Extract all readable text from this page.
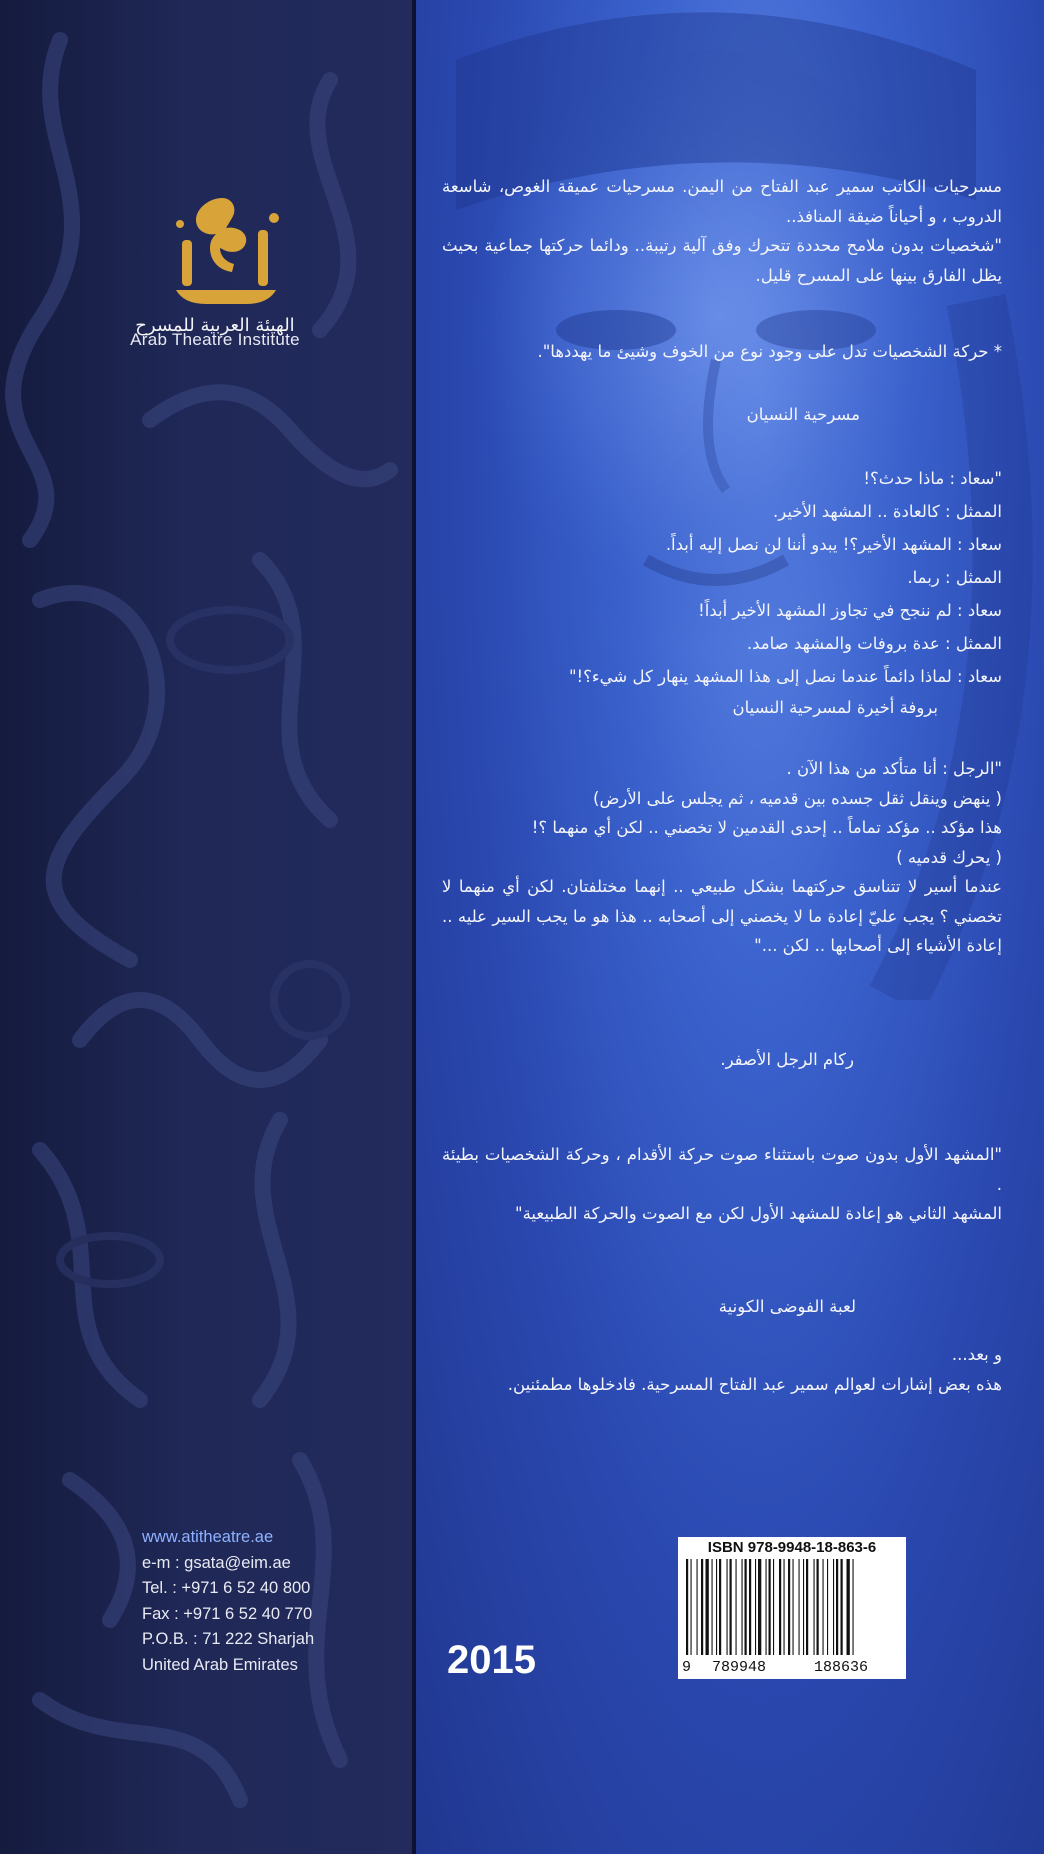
الهيئة العربية للمسرح
Arab Theatre Institute
www.atitheatre.ae
e-m : gsata@eim.ae
Tel. : +971 6 52 40 800
Fax : +971 6 52 40 770
P.O.B. : 71 222 Sharjah
United Arab Emirates

مسرحيات الكاتب سمير عبد الفتاح من اليمن. مسرحيات عميقة الغوص، شاسعة الدروب ، و أحياناً ضيقة المنافذ..

"شخصيات بدون ملامح محددة تتحرك وفق آلية رتيبة.. ودائما حركتها جماعية بحيث يظل الفارق بينها على المسرح قليل.

* حركة الشخصيات تدل على وجود نوع من الخوف وشيئ ما يهددها".

مسرحية النسيان

"سعاد : ماذا حدث؟!

الممثل : كالعادة .. المشهد الأخير.

سعاد : المشهد الأخير؟! يبدو أننا لن نصل إليه أبداً.

الممثل : ربما.

سعاد : لم ننجح في تجاوز المشهد الأخير أبداً!

الممثل : عدة بروفات والمشهد صامد.

سعاد : لماذا دائماً عندما نصل إلى هذا المشهد ينهار كل شيء؟!"

بروفة أخيرة لمسرحية النسيان

"الرجل : أنا متأكد من هذا الآن .

( ينهض وينقل ثقل جسده بين قدميه ، ثم يجلس على الأرض)

هذا مؤكد .. مؤكد تماماً .. إحدى القدمين لا تخصني .. لكن أي منهما ؟!

( يحرك قدميه )

عندما أسير لا تتناسق حركتهما بشكل طبيعي .. إنهما مختلفتان. لكن أي منهما لا تخصني ؟ يجب عليّ إعادة ما لا يخصني إلى أصحابه .. هذا هو ما يجب السير عليه .. إعادة الأشياء إلى أصحابها .. لكن ..."

ركام الرجل الأصفر.

"المشهد الأول بدون صوت باستثناء صوت حركة الأقدام ، وحركة الشخصيات بطيئة .

المشهد الثاني هو إعادة للمشهد الأول لكن مع الصوت والحركة الطبيعية"

لعبة الفوضى الكونية

و بعد...

هذه بعض إشارات لعوالم سمير عبد الفتاح المسرحية. فادخلوها مطمئنين.

2015
ISBN 978-9948-18-863-6
9 789948	188636
